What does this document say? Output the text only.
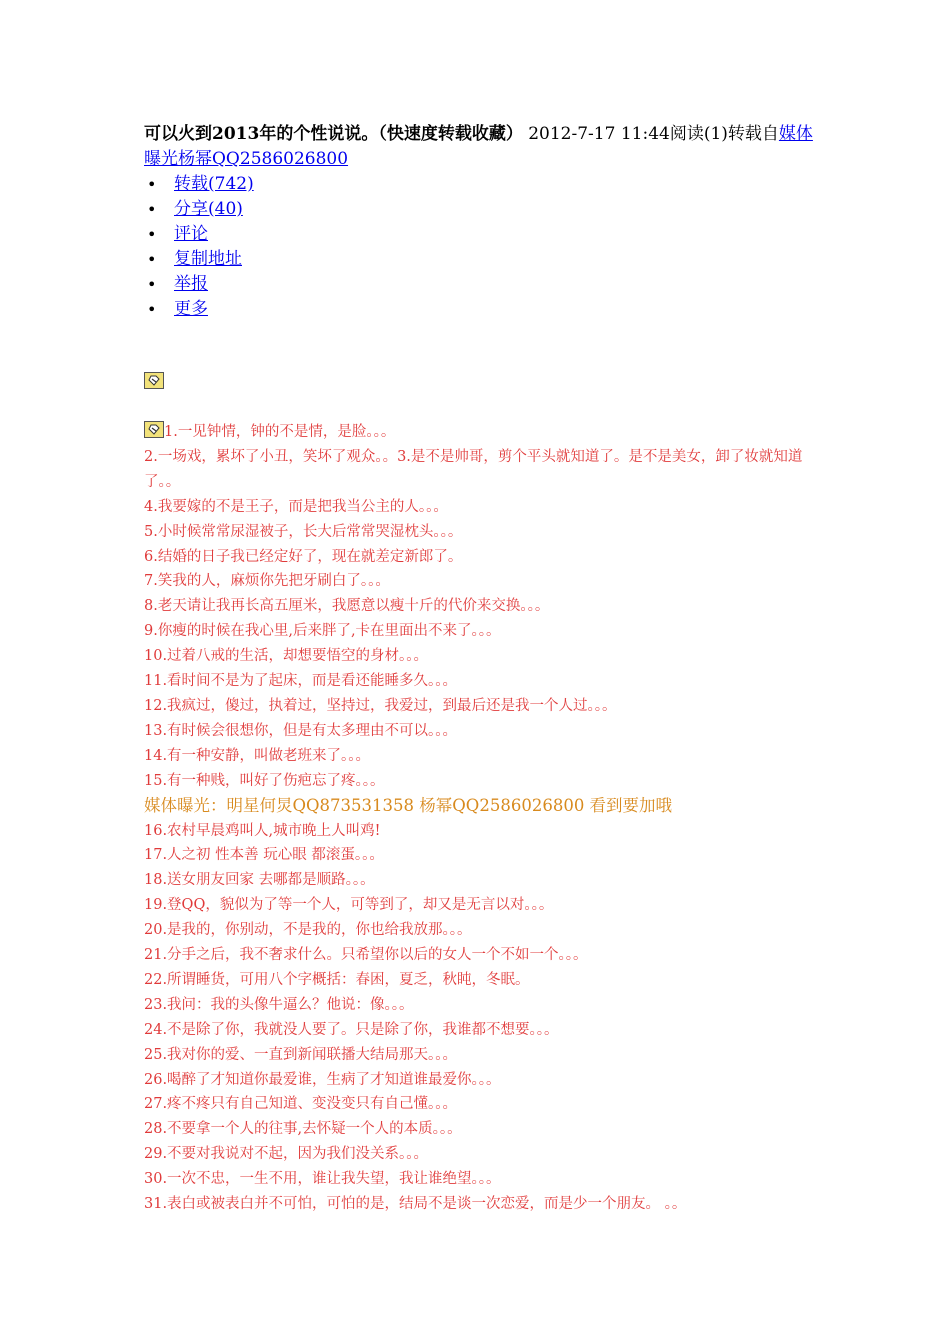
可以火到2013年的个性说说。（快速度转载收藏） 2012-7-17 11:44阅读(1)转载自媒体曝光杨幂QQ2586026800
• 转载(742)
• 分享(40)
• 评论
• 复制地址
• 举报
• 更多
1.一见钟情，钟的不是情，是脸。。。
2.一场戏，累坏了小丑，笑坏了观众。。3.是不是帅哥，剪个平头就知道了。是不是美女，卸了妆就知道了。。
4.我要嫁的不是王子，而是把我当公主的人。。。
5.小时候常常尿湿被子，长大后常常哭湿枕头。。。
6.结婚的日子我已经定好了，现在就差定新郎了。
7.笑我的人，麻烦你先把牙刷白了。。。
8.老天请让我再长高五厘米，我愿意以瘦十斤的代价来交换。。。
9.你瘦的时候在我心里,后来胖了,卡在里面出不来了。。。
10.过着八戒的生活，却想要悟空的身材。。。
11.看时间不是为了起床，而是看还能睡多久。。。
12.我疯过，傻过，执着过，坚持过，我爱过，到最后还是我一个人过。。。
13.有时候会很想你，但是有太多理由不可以。。。
14.有一种安静，叫做老班来了。。。
15.有一种贱，叫好了伤疤忘了疼。。。
媒体曝光：明星何炅QQ873531358 杨幂QQ2586026800 看到要加哦
16.农村早晨鸡叫人,城市晚上人叫鸡!
17.人之初 性本善 玩心眼 都滚蛋。。。
18.送女朋友回家 去哪都是顺路。。。
19.登QQ，貌似为了等一个人，可等到了，却又是无言以对。。。
20.是我的，你别动，不是我的，你也给我放那。。。
21.分手之后，我不奢求什么。只希望你以后的女人一个不如一个。。。
22.所谓睡货，可用八个字概括：春困，夏乏，秋盹，冬眠。
23.我问：我的头像牛逼么？他说：像。。。
24.不是除了你，我就没人要了。只是除了你，我谁都不想要。。。
25.我对你的爱、一直到新闻联播大结局那天。。。
26.喝醉了才知道你最爱谁，生病了才知道谁最爱你。。。
27.疼不疼只有自己知道、变没变只有自己懂。。。
28.不要拿一个人的往事,去怀疑一个人的本质。。。
29.不要对我说对不起，因为我们没关系。。。
30.一次不忠，一生不用，谁让我失望，我让谁绝望。。。
31.表白或被表白并不可怕，可怕的是，结局不是谈一次恋爱，而是少一个朋友。 。。
